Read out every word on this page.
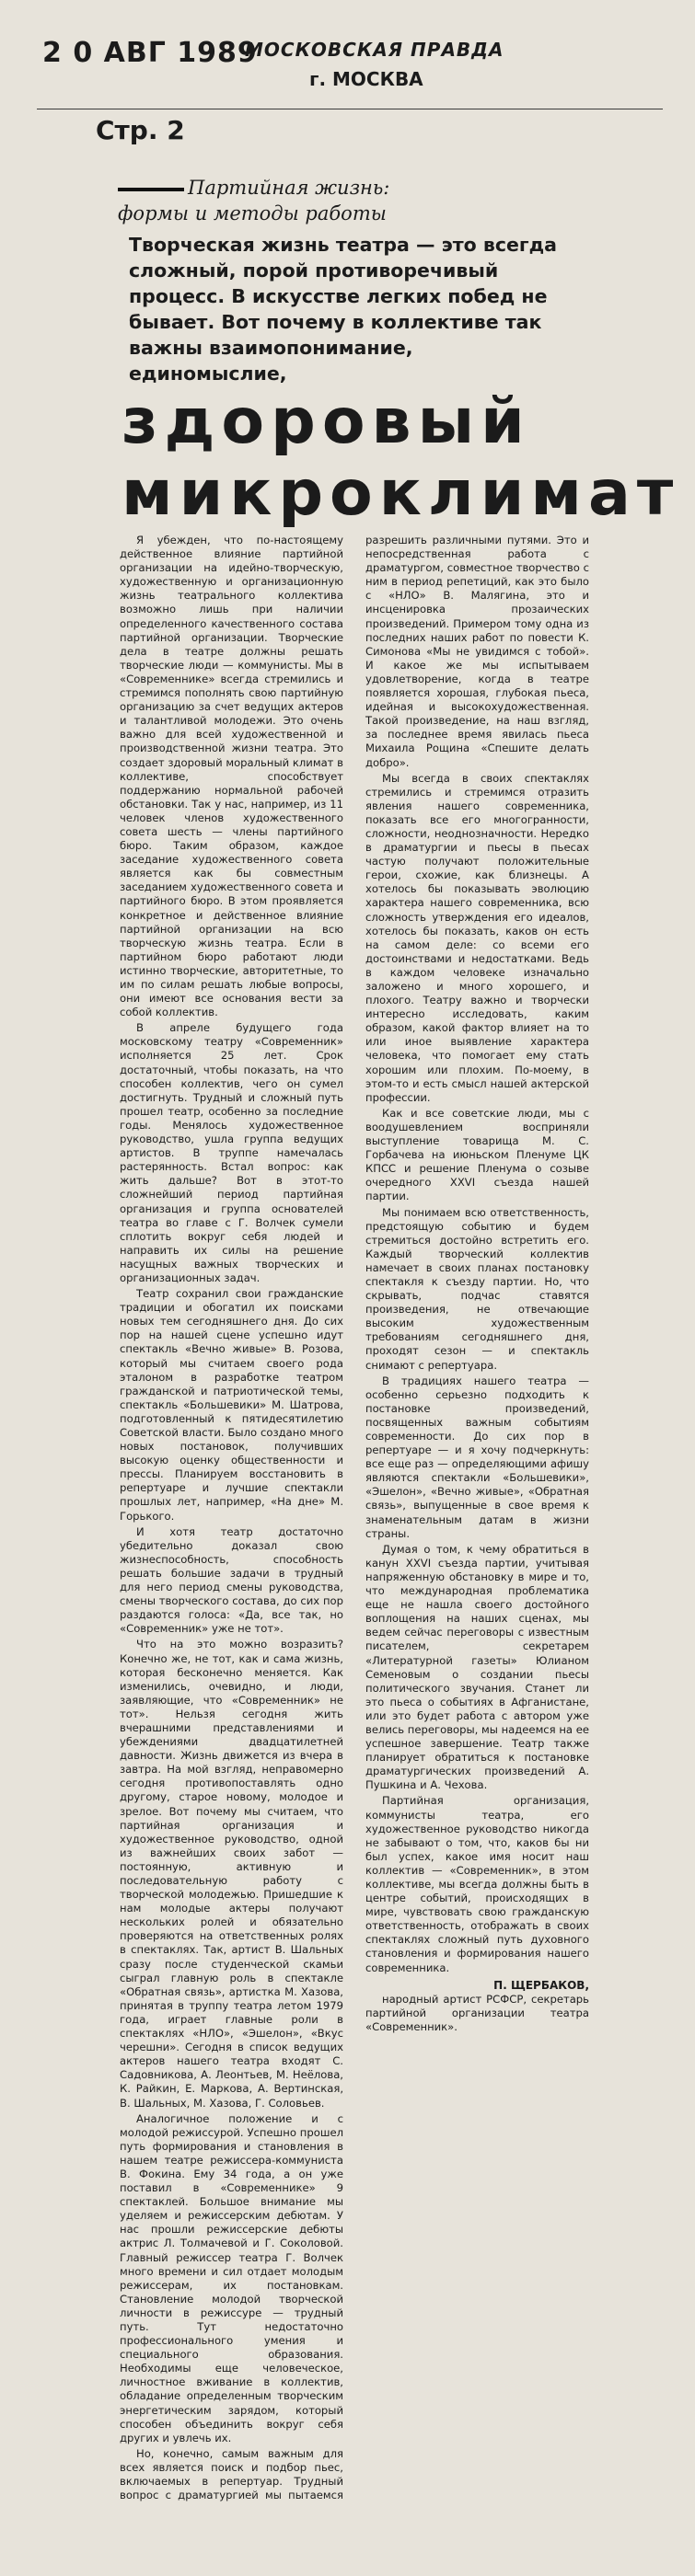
2 0 АВГ 1989
МОСКОВСКАЯ ПРАВДА
г. МОСКВА
Стр. 2
Партийная жизнь: формы и методы работы
Творческая жизнь театра — это всегда сложный, порой противоречивый процесс. В искусстве легких побед не бывает. Вот почему в коллективе так важны взаимопонимание, единомыслие,
здоровый
микроклимат

Я убежден, что по-настоящему действенное влияние партийной организации на идейно-творческую, художественную и организационную жизнь театрального коллектива возможно лишь при наличии определенного качественного состава партийной организации. Творческие дела в театре должны решать творческие люди — коммунисты. Мы в «Современнике» всегда стремились и стремимся пополнять свою партийную организацию за счет ведущих актеров и талантливой молодежи. Это очень важно для всей художественной и производственной жизни театра. Это создает здоровый моральный климат в коллективе, способствует поддержанию нормальной рабочей обстановки. Так у нас, например, из 11 человек членов художественного совета шесть — члены партийного бюро. Таким образом, каждое заседание художественного совета является как бы совместным заседанием художественного совета и партийного бюро. В этом проявляется конкретное и действенное влияние партийной организации на всю творческую жизнь театра. Если в партийном бюро работают люди истинно творческие, авторитетные, то им по силам решать любые вопросы, они имеют все основания вести за собой коллектив.

В апреле будущего года московскому театру «Современник» исполняется 25 лет. Срок достаточный, чтобы показать, на что способен коллектив, чего он сумел достигнуть. Трудный и сложный путь прошел театр, особенно за последние годы. Менялось художественное руководство, ушла группа ведущих артистов. В труппе намечалась растерянность. Встал вопрос: как жить дальше? Вот в этот-то сложнейший период партийная организация и группа основателей театра во главе с Г. Волчек сумели сплотить вокруг себя людей и направить их силы на решение насущных важных творческих и организационных задач.

Театр сохранил свои гражданские традиции и обогатил их поисками новых тем сегодняшнего дня. До сих пор на нашей сцене успешно идут спектакль «Вечно живые» В. Розова, который мы считаем своего рода эталоном в разработке театром гражданской и патриотической темы, спектакль «Большевики» М. Шатрова, подготовленный к пятидесятилетию Советской власти. Было создано много новых постановок, получивших высокую оценку общественности и прессы. Планируем восстановить в репертуаре и лучшие спектакли прошлых лет, например, «На дне» М. Горького.

И хотя театр достаточно убедительно доказал свою жизнеспособность, способность решать большие задачи в трудный для него период смены руководства, смены творческого состава, до сих пор раздаются голоса: «Да, все так, но «Современник» уже не тот».

Что на это можно возразить? Конечно же, не тот, как и сама жизнь, которая бесконечно меняется. Как изменились, очевидно, и люди, заявляющие, что «Современник» не тот». Нельзя сегодня жить вчерашними представлениями и убеждениями двадцатилетней давности. Жизнь движется из вчера в завтра. На мой взгляд, неправомерно сегодня противопоставлять одно другому, старое новому, молодое и зрелое. Вот почему мы считаем, что партийная организация и художественное руководство, одной из важнейших своих забот — постоянную, активную и последовательную работу с творческой молодежью. Пришедшие к нам молодые актеры получают нескольких ролей и обязательно проверяются на ответственных ролях в спектаклях. Так, артист В. Шальных сразу после студенческой скамьи сыграл главную роль в спектакле «Обратная связь», артистка М. Хазова, принятая в труппу театра летом 1979 года, играет главные роли в спектаклях «НЛО», «Эшелон», «Вкус черешни». Сегодня в список ведущих актеров нашего театра входят С. Садовникова, А. Леонтьев, М. Неёлова, К. Райкин, Е. Маркова, А. Вертинская, В. Шальных, М. Хазова, Г. Соловьев.

Аналогичное положение и с молодой режиссурой. Успешно прошел путь формирования и становления в нашем театре режиссера-коммуниста В. Фокина. Ему 34 года, а он уже поставил в «Современнике» 9 спектаклей. Большое внимание мы уделяем и режиссерским дебютам. У нас прошли режиссерские дебюты актрис Л. Толмачевой и Г. Соколовой. Главный режиссер театра Г. Волчек много времени и сил отдает молодым режиссерам, их постановкам. Становление молодой творческой личности в режиссуре — трудный путь. Тут недостаточно профессионального умения и специального образования. Необходимы еще человеческое, личностное вживание в коллектив, обладание определенным творческим энергетическим зарядом, который способен объединить вокруг себя других и увлечь их.

Но, конечно, самым важным для всех является поиск и подбор пьес, включаемых в репертуар. Трудный вопрос с драматургией мы пытаемся разрешить различными путями. Это и непосредственная работа с драматургом, совместное творчество с ним в период репетиций, как это было с «НЛО» В. Малягина, это и инсценировка прозаических произведений. Примером тому одна из последних наших работ по повести К. Симонова «Мы не увидимся с тобой». И какое же мы испытываем удовлетворение, когда в театре появляется хорошая, глубокая пьеса, идейная и высокохудожественная. Такой произведение, на наш взгляд, за последнее время явилась пьеса Михаила Рощина «Спешите делать добро».

Мы всегда в своих спектаклях стремились и стремимся отразить явления нашего современника, показать все его многогранности, сложности, неоднозначности. Нередко в драматургии и пьесы в пьесах частую получают положительные герои, схожие, как близнецы. А хотелось бы показывать эволюцию характера нашего современника, всю сложность утверждения его идеалов, хотелось бы показать, каков он есть на самом деле: со всеми его достоинствами и недостатками. Ведь в каждом человеке изначально заложено и много хорошего, и плохого. Театру важно и творчески интересно исследовать, каким образом, какой фактор влияет на то или иное выявление характера человека, что помогает ему стать хорошим или плохим. По-моему, в этом-то и есть смысл нашей актерской профессии.

Как и все советские люди, мы с воодушевлением восприняли выступление товарища М. С. Горбачева на июньском Пленуме ЦК КПСС и решение Пленума о созыве очередного XXVI съезда нашей партии.

Мы понимаем всю ответственность, предстоящую событию и будем стремиться достойно встретить его. Каждый творческий коллектив намечает в своих планах постановку спектакля к съезду партии. Но, что скрывать, подчас ставятся произведения, не отвечающие высоким художественным требованиям сегодняшнего дня, проходят сезон — и спектакль снимают с репертуара.

В традициях нашего театра — особенно серьезно подходить к постановке произведений, посвященных важным событиям современности. До сих пор в репертуаре — и я хочу подчеркнуть: все еще раз — определяющими афишу являются спектакли «Большевики», «Эшелон», «Вечно живые», «Обратная связь», выпущенные в свое время к знаменательным датам в жизни страны.

Думая о том, к чему обратиться в канун XXVI съезда партии, учитывая напряженную обстановку в мире и то, что международная проблематика еще не нашла своего достойного воплощения на наших сценах, мы ведем сейчас переговоры с известным писателем, секретарем «Литературной газеты» Юлианом Семеновым о создании пьесы политического звучания. Станет ли это пьеса о событиях в Афганистане, или это будет работа с автором уже велись переговоры, мы надеемся на ее успешное завершение. Театр также планирует обратиться к постановке драматургических произведений А. Пушкина и А. Чехова.

Партийная организация, коммунисты театра, его художественное руководство никогда не забывают о том, что, каков бы ни был успех, какое имя носит наш коллектив — «Современник», в этом коллективе, мы всегда должны быть в центре событий, происходящих в мире, чувствовать свою гражданскую ответственность, отображать в своих спектаклях сложный путь духовного становления и формирования нашего современника.

П. ЩЕРБАКОВ,

народный артист РСФСР, секретарь партийной организации театра «Современник».
